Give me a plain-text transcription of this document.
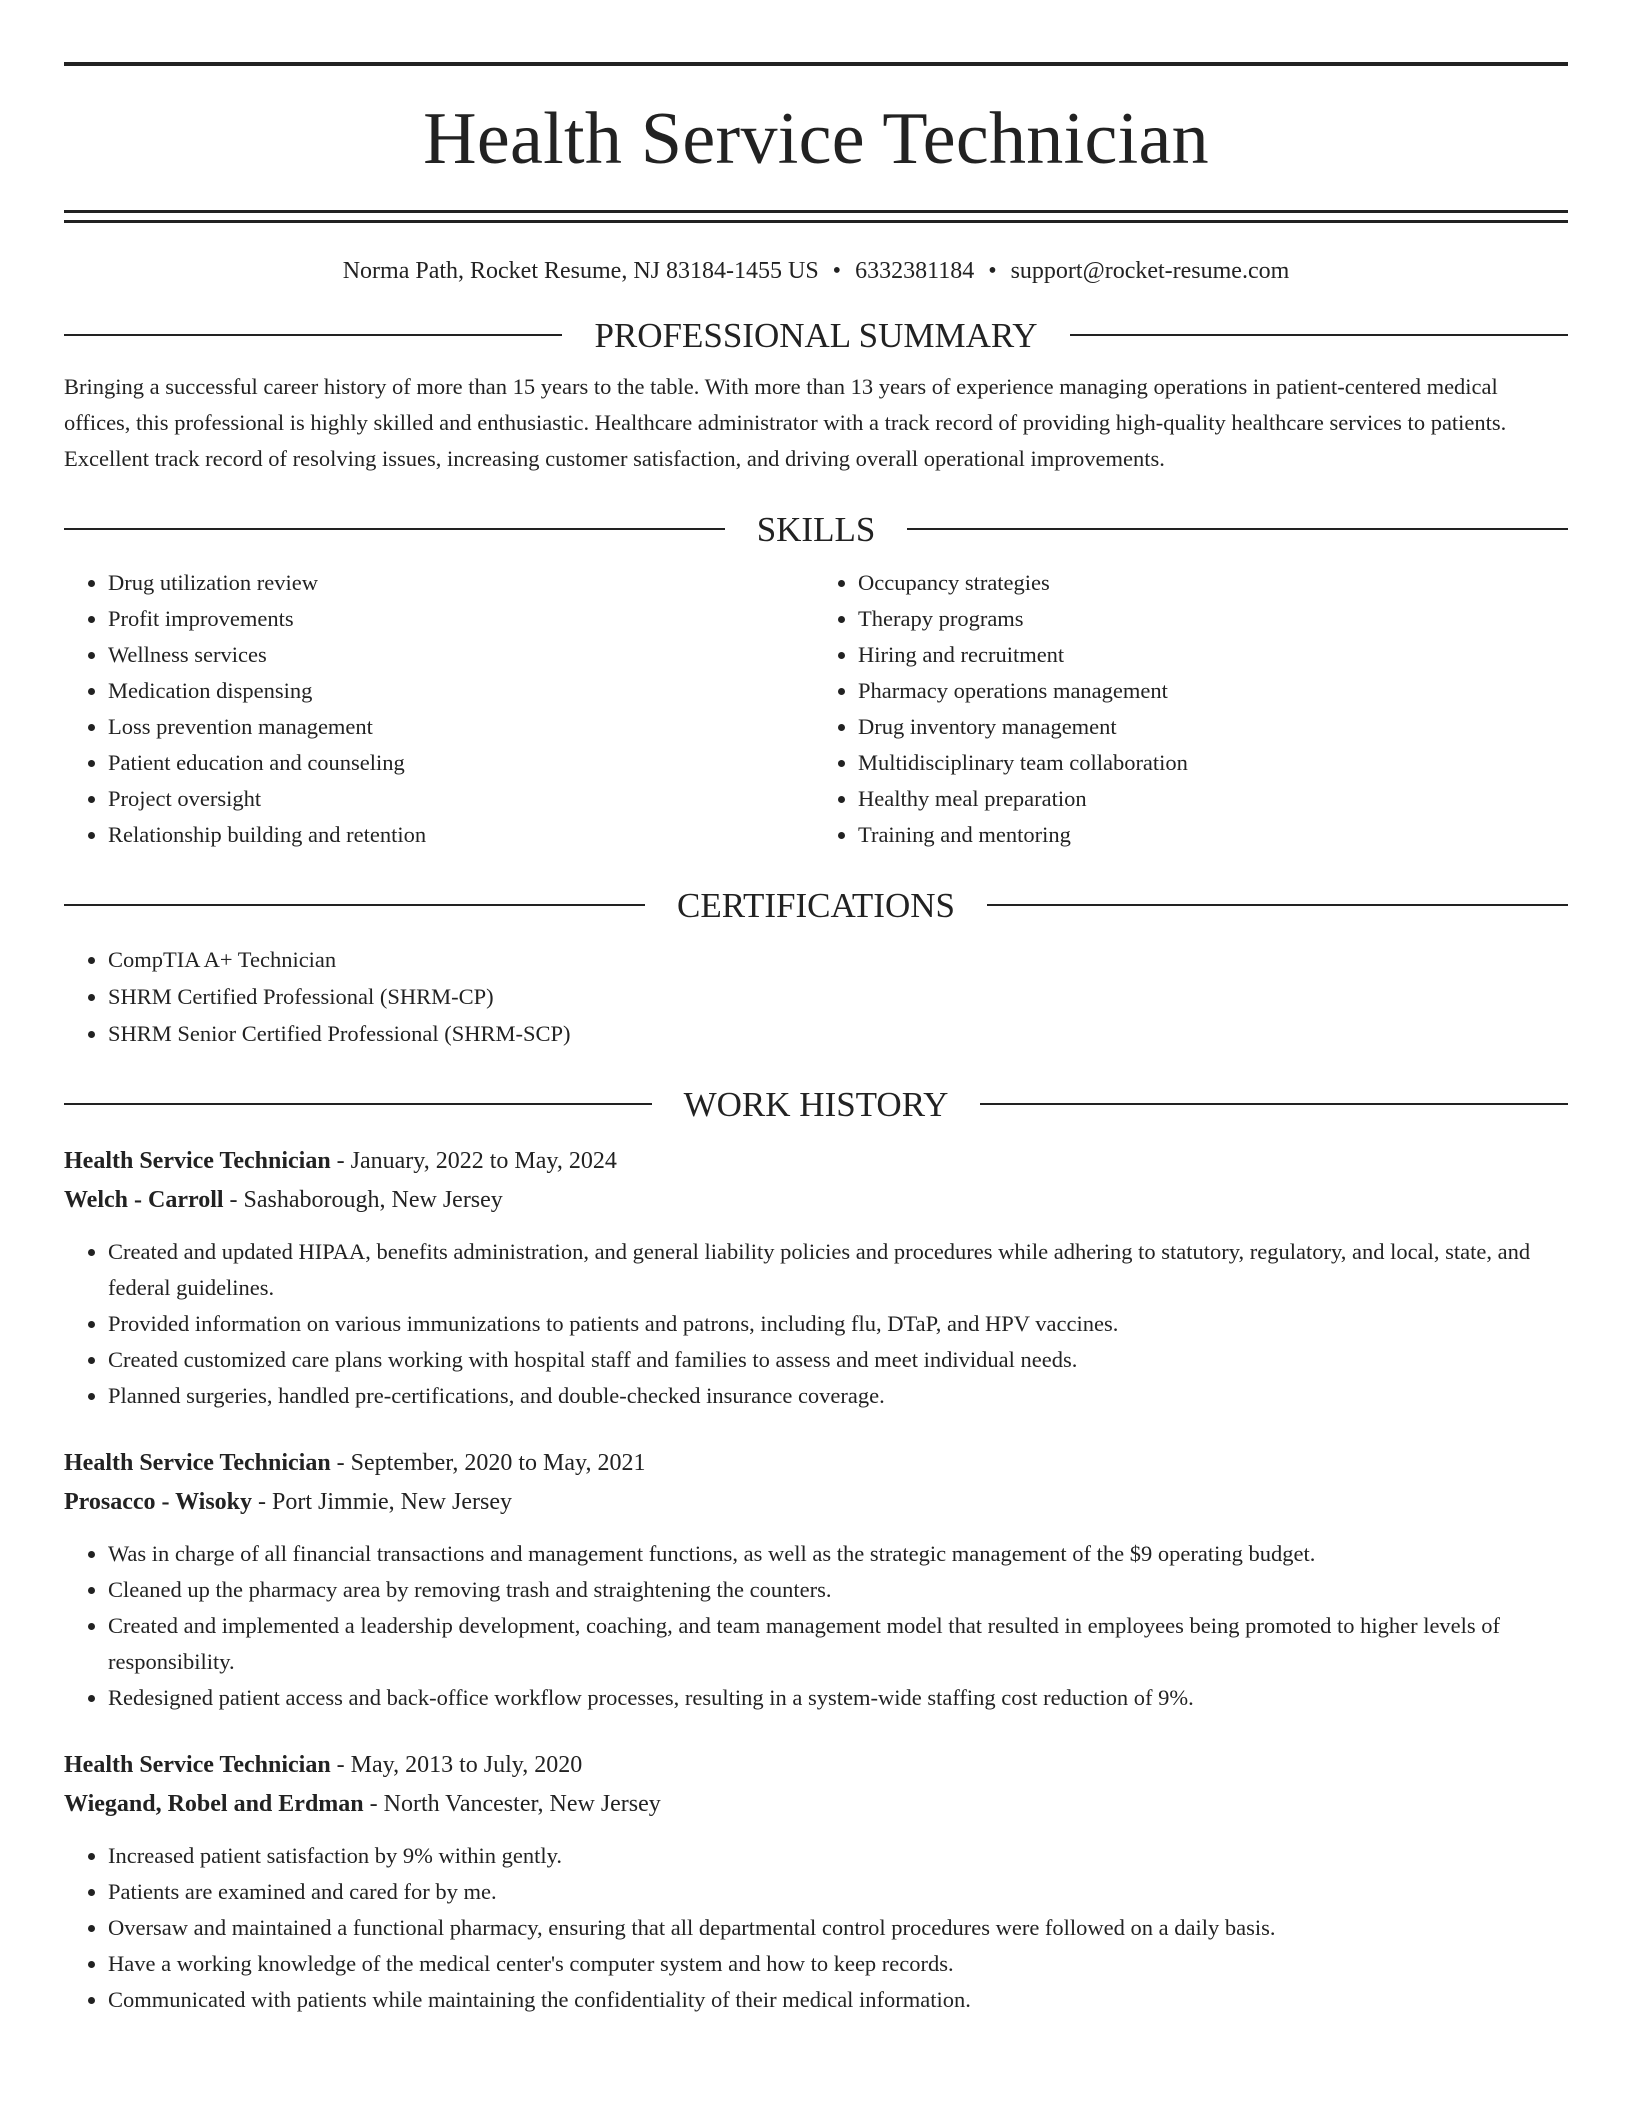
Health Service Technician
Norma Path, Rocket Resume, NJ 83184-1455 US • 6332381184 • support@rocket-resume.com
PROFESSIONAL SUMMARY

Bringing a successful career history of more than 15 years to the table. With more than 13 years of experience managing operations in patient-centered medical offices, this professional is highly skilled and enthusiastic. Healthcare administrator with a track record of providing high-quality healthcare services to patients. Excellent track record of resolving issues, increasing customer satisfaction, and driving overall operational improvements.

SKILLS
• Drug utilization review
• Profit improvements
• Wellness services
• Medication dispensing
• Loss prevention management
• Patient education and counseling
• Project oversight
• Relationship building and retention
• Occupancy strategies
• Therapy programs
• Hiring and recruitment
• Pharmacy operations management
• Drug inventory management
• Multidisciplinary team collaboration
• Healthy meal preparation
• Training and mentoring
CERTIFICATIONS
• CompTIA A+ Technician
• SHRM Certified Professional (SHRM-CP)
• SHRM Senior Certified Professional (SHRM-SCP)
WORK HISTORY
Health Service Technician - January, 2022 to May, 2024
Welch - Carroll - Sashaborough, New Jersey
• Created and updated HIPAA, benefits administration, and general liability policies and procedures while adhering to statutory, regulatory, and local, state, and federal guidelines.
• Provided information on various immunizations to patients and patrons, including flu, DTaP, and HPV vaccines.
• Created customized care plans working with hospital staff and families to assess and meet individual needs.
• Planned surgeries, handled pre-certifications, and double-checked insurance coverage.
Health Service Technician - September, 2020 to May, 2021
Prosacco - Wisoky - Port Jimmie, New Jersey
• Was in charge of all financial transactions and management functions, as well as the strategic management of the $9 operating budget.
• Cleaned up the pharmacy area by removing trash and straightening the counters.
• Created and implemented a leadership development, coaching, and team management model that resulted in employees being promoted to higher levels of responsibility.
• Redesigned patient access and back-office workflow processes, resulting in a system-wide staffing cost reduction of 9%.
Health Service Technician - May, 2013 to July, 2020
Wiegand, Robel and Erdman - North Vancester, New Jersey
• Increased patient satisfaction by 9% within gently.
• Patients are examined and cared for by me.
• Oversaw and maintained a functional pharmacy, ensuring that all departmental control procedures were followed on a daily basis.
• Have a working knowledge of the medical center's computer system and how to keep records.
• Communicated with patients while maintaining the confidentiality of their medical information.
